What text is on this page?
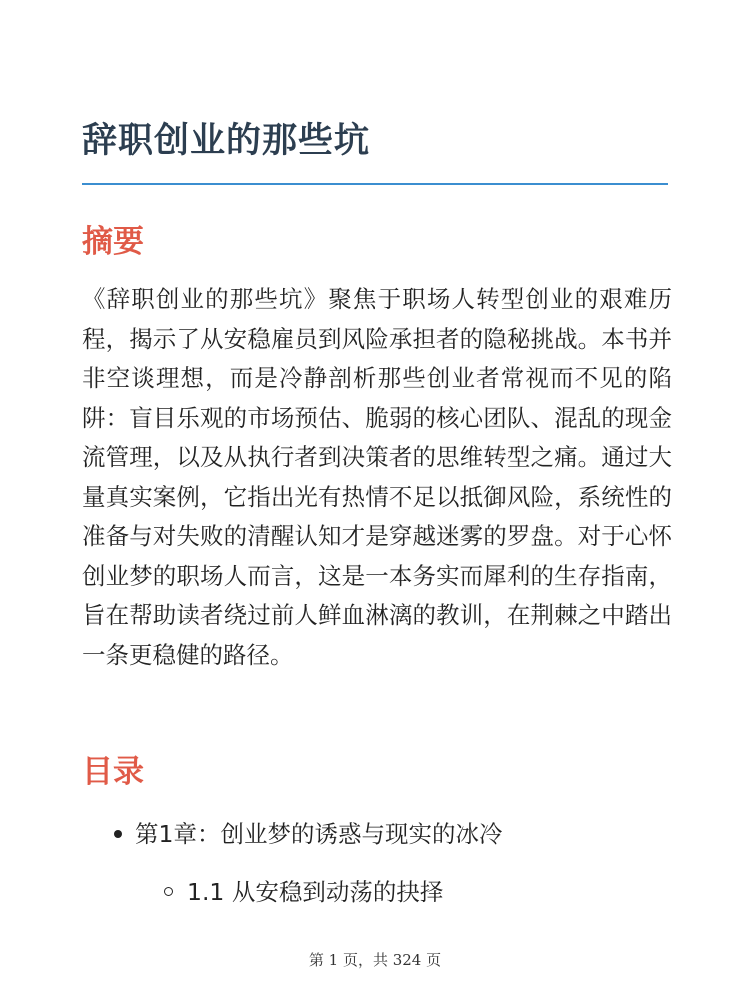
辞职创业的那些坑
摘要

《辞职创业的那些坑》聚焦于职场人转型创业的艰难历程，揭示了从安稳雇员到风险承担者的隐秘挑战。本书并非空谈理想，而是冷静剖析那些创业者常视而不见的陷阱：盲目乐观的市场预估、脆弱的核心团队、混乱的现金流管理，以及从执行者到决策者的思维转型之痛。通过大量真实案例，它指出光有热情不足以抵御风险，系统性的准备与对失败的清醒认知才是穿越迷雾的罗盘。对于心怀创业梦的职场人而言，这是一本务实而犀利的生存指南，旨在帮助读者绕过前人鲜血淋漓的教训，在荆棘之中踏出一条更稳健的路径。

目录
第1章：创业梦的诱惑与现实的冰冷
1.1 从安稳到动荡的抉择
第 1 页，共 324 页
